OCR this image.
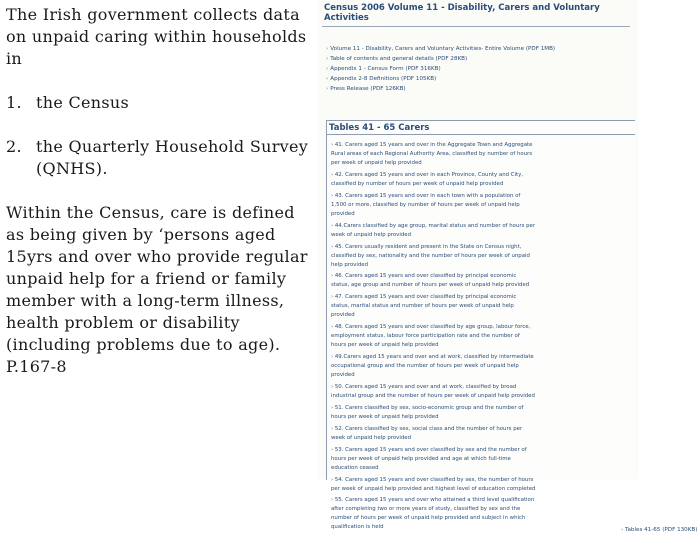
The Irish government collects data on unpaid caring within households in

1. the Census
2. the Quarterly Household Survey (QNHS).

Within the Census, care is defined as being given by ‘persons aged 15yrs and over who provide regular unpaid help for a friend or family member with a long-term illness, health problem or disability (including problems due to age). P.167-8

Census 2006 Volume 11 - Disability, Carers and Voluntary Activities
› Volume 11 - Disability, Carers and Voluntary Activities- Entire Volume (PDF 1MB)
› Table of contents and general details (PDF 28KB)
› Appendix 1 - Census Form (PDF 316KB)
› Appendix 2-8 Definitions (PDF 105KB)
› Press Release (PDF 126KB)
Tables 41 - 65 Carers
› 41. Carers aged 15 years and over in the Aggregate Town and Aggregate Rural areas of each Regional Authority Area, classified by number of hours per week of unpaid help provided
› 42. Carers aged 15 years and over in each Province, County and City, classified by number of hours per week of unpaid help provided
› 43. Carers aged 15 years and over in each town with a population of 1,500 or more, classified by number of hours per week of unpaid help provided
› 44.Carers classified by age group, marital status and number of hours per week of unpaid help provided
› 45. Carers usually resident and present in the State on Census night, classified by sex, nationality and the number of hours per week of unpaid help provided
› 46. Carers aged 15 years and over classified by principal economic status, age group and number of hours per week of unpaid help provided
› 47. Carers aged 15 years and over classified by principal economic status, marital status and number of hours per week of unpaid help provided
› 48. Carers aged 15 years and over classified by age group, labour force, employment status, labour force participation rate and the number of hours per week of unpaid help provided
› 49.Carers aged 15 years and over and at work, classified by intermediate occupational group and the number of hours per week of unpaid help provided
› 50. Carers aged 15 years and over and at work, classified by broad industrial group and the number of hours per week of unpaid help provided
› 51. Carers classified by sex, socio-economic group and the number of hours per week of unpaid help provided
› 52. Carers classified by sex, social class and the number of hours per week of unpaid help provided
› 53. Carers aged 15 years and over classified by sex and the number of hours per week of unpaid help provided and age at which full-time education ceased
› 54. Carers aged 15 years and over classified by sex, the number of hours per week of unpaid help provided and highest level of education completed
› 55. Carers aged 15 years and over who attained a third level qualification after completing two or more years of study, classified by sex and the number of hours per week of unpaid help provided and subject in which qualification is held
›	Tables 41-65 (PDF 130KB)
